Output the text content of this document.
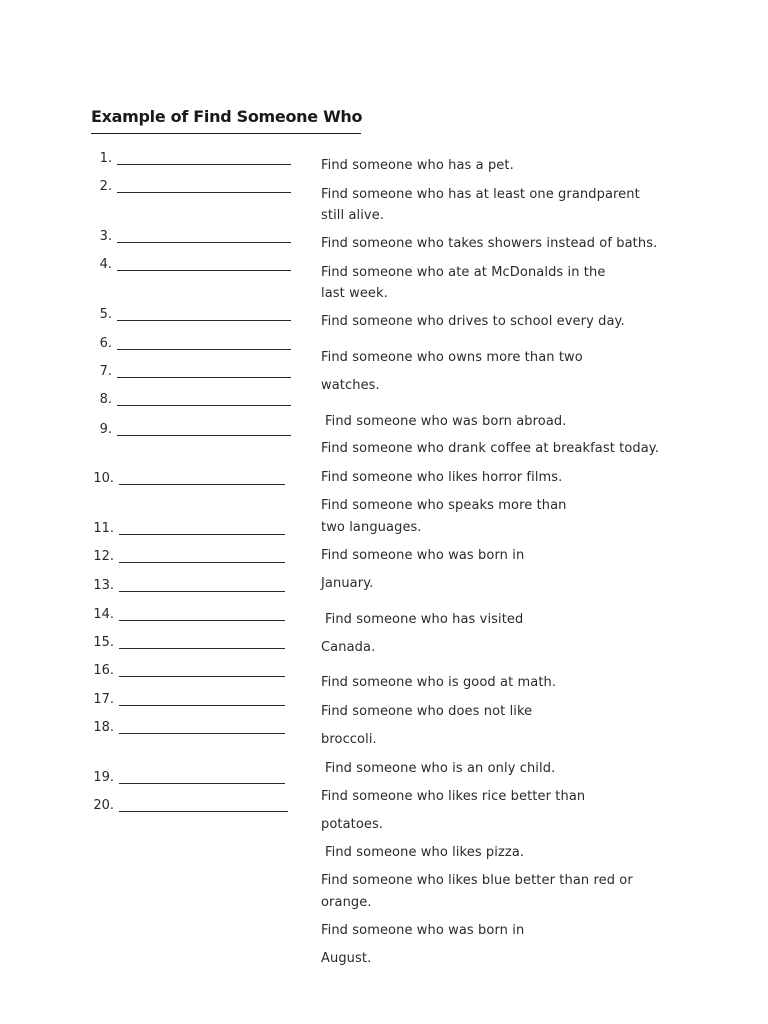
Example of Find Someone Who
1.
2.
3.
4.
5.
6.
7.
8.
9.
10.
11.
12.
13.
14.
15.
16.
17.
18.
19.
20.
Find someone who has a pet.
Find someone who has at least one grandparent
still alive.
Find someone who takes showers instead of baths.
Find someone who ate at McDonalds in the
last week.
Find someone who drives to school every day.
Find someone who owns more than two
watches.
Find someone who was born abroad.
Find someone who drank coffee at breakfast today.
Find someone who likes horror films.
Find someone who speaks more than
two languages.
Find someone who was born in
January.
Find someone who has visited
Canada.
Find someone who is good at math.
Find someone who does not like
broccoli.
Find someone who is an only child.
Find someone who likes rice better than
potatoes.
Find someone who likes pizza.
Find someone who likes blue better than red or
orange.
Find someone who was born in
August.
